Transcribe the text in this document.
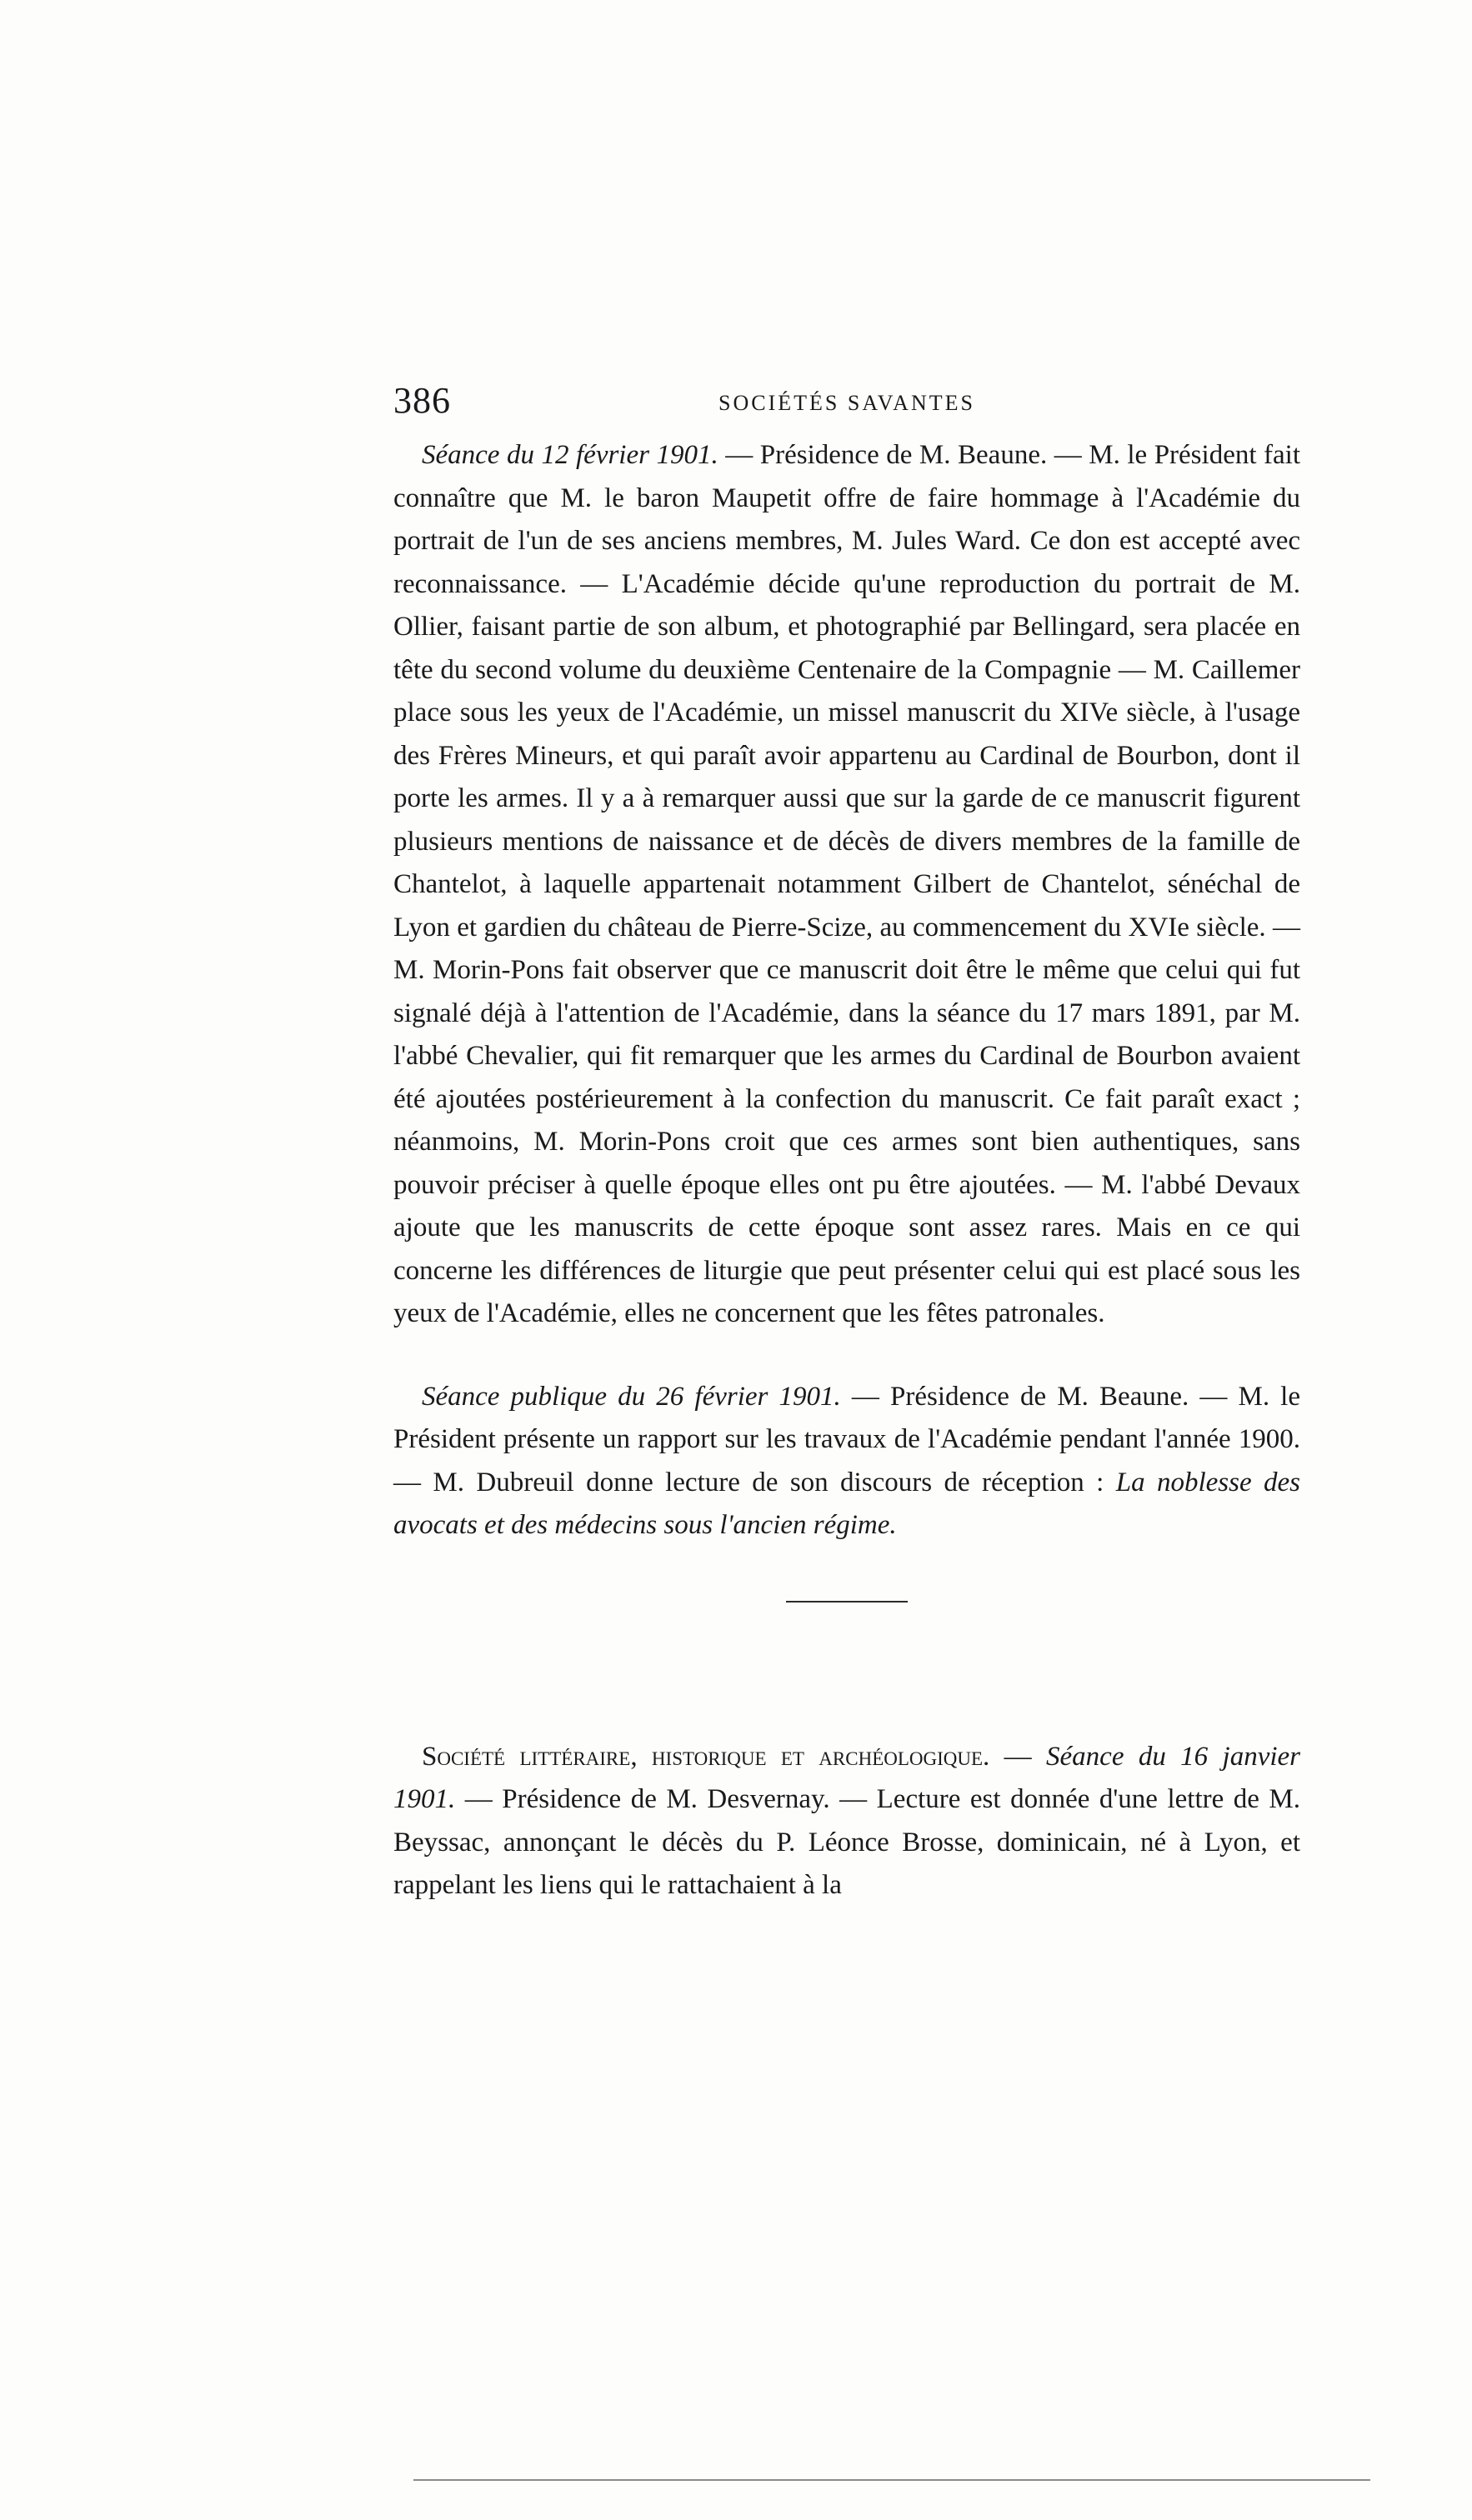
386	SOCIÉTÉS SAVANTES

Séance du 12 février 1901. — Présidence de M. Beaune. — M. le Président fait connaître que M. le baron Maupetit offre de faire hommage à l'Académie du portrait de l'un de ses anciens membres, M. Jules Ward. Ce don est accepté avec reconnaissance. — L'Académie décide qu'une reproduction du portrait de M. Ollier, faisant partie de son album, et photographié par Bellingard, sera placée en tête du second volume du deuxième Centenaire de la Compagnie — M. Caillemer place sous les yeux de l'Académie, un missel manuscrit du XIVe siècle, à l'usage des Frères Mineurs, et qui paraît avoir appartenu au Cardinal de Bourbon, dont il porte les armes. Il y a à remarquer aussi que sur la garde de ce manuscrit figurent plusieurs mentions de naissance et de décès de divers membres de la famille de Chantelot, à laquelle appartenait notamment Gilbert de Chantelot, sénéchal de Lyon et gardien du château de Pierre-Scize, au commencement du XVIe siècle. — M. Morin-Pons fait observer que ce manuscrit doit être le même que celui qui fut signalé déjà à l'attention de l'Académie, dans la séance du 17 mars 1891, par M. l'abbé Chevalier, qui fit remarquer que les armes du Cardinal de Bourbon avaient été ajoutées postérieurement à la confection du manuscrit. Ce fait paraît exact ; néanmoins, M. Morin-Pons croit que ces armes sont bien authentiques, sans pouvoir préciser à quelle époque elles ont pu être ajoutées. — M. l'abbé Devaux ajoute que les manuscrits de cette époque sont assez rares. Mais en ce qui concerne les différences de liturgie que peut présenter celui qui est placé sous les yeux de l'Académie, elles ne concernent que les fêtes patronales.

Séance publique du 26 février 1901. — Présidence de M. Beaune. — M. le Président présente un rapport sur les travaux de l'Académie pendant l'année 1900. — M. Dubreuil donne lecture de son discours de réception : La noblesse des avocats et des médecins sous l'ancien régime.

Société littéraire, historique et archéologique. — Séance du 16 janvier 1901. — Présidence de M. Desvernay. — Lecture est donnée d'une lettre de M. Beyssac, annonçant le décès du P. Léonce Brosse, dominicain, né à Lyon, et rappelant les liens qui le rattachaient à la
